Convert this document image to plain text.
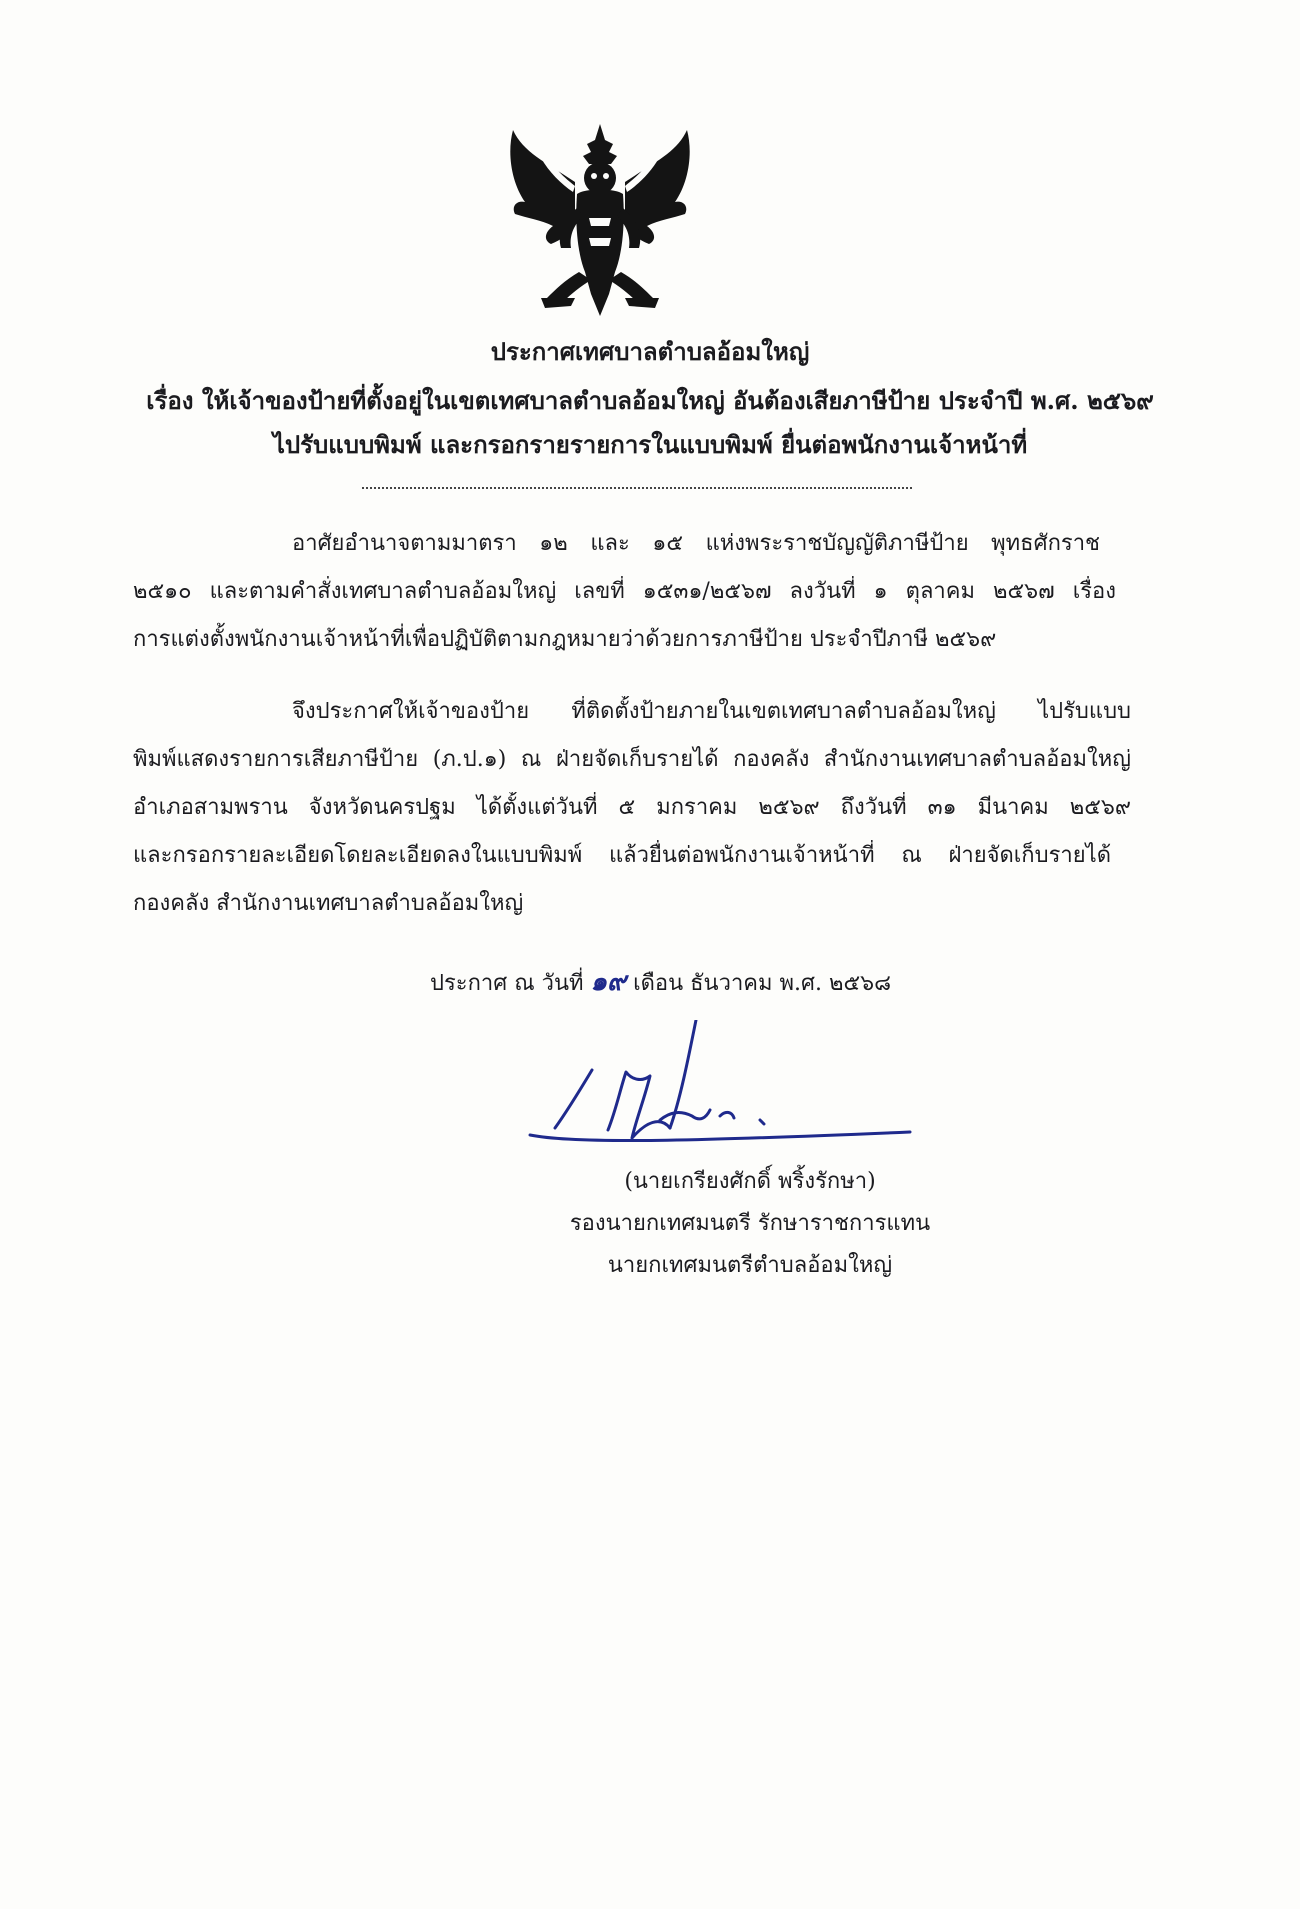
ประกาศเทศบาลตำบลอ้อมใหญ่
เรื่อง ให้เจ้าของป้ายที่ตั้งอยู่ในเขตเทศบาลตำบลอ้อมใหญ่ อันต้องเสียภาษีป้าย ประจำปี พ.ศ. ๒๕๖๙
ไปรับแบบพิมพ์ และกรอกรายรายการในแบบพิมพ์ ยื่นต่อพนักงานเจ้าหน้าที่
อาศัยอำนาจตามมาตรา ๑๒ และ ๑๕ แห่งพระราชบัญญัติภาษีป้าย พุทธศักราช
๒๕๑๐ และตามคำสั่งเทศบาลตำบลอ้อมใหญ่ เลขที่ ๑๕๓๑/๒๕๖๗ ลงวันที่ ๑ ตุลาคม ๒๕๖๗ เรื่อง
การแต่งตั้งพนักงานเจ้าหน้าที่เพื่อปฏิบัติตามกฎหมายว่าด้วยการภาษีป้าย ประจำปีภาษี ๒๕๖๙
จึงประกาศให้เจ้าของป้าย ที่ติดตั้งป้ายภายในเขตเทศบาลตำบลอ้อมใหญ่ ไปรับแบบ
พิมพ์แสดงรายการเสียภาษีป้าย (ภ.ป.๑) ณ ฝ่ายจัดเก็บรายได้ กองคลัง สำนักงานเทศบาลตำบลอ้อมใหญ่
อำเภอสามพราน จังหวัดนครปฐม ได้ตั้งแต่วันที่ ๕ มกราคม ๒๕๖๙ ถึงวันที่ ๓๑ มีนาคม ๒๕๖๙
และกรอกรายละเอียดโดยละเอียดลงในแบบพิมพ์ แล้วยื่นต่อพนักงานเจ้าหน้าที่ ณ ฝ่ายจัดเก็บรายได้
กองคลัง สำนักงานเทศบาลตำบลอ้อมใหญ่
ประกาศ ณ วันที่ ๑๙ เดือน ธันวาคม พ.ศ. ๒๕๖๘
(นายเกรียงศักดิ์ พริ้งรักษา)
รองนายกเทศมนตรี รักษาราชการแทน
นายกเทศมนตรีตำบลอ้อมใหญ่
